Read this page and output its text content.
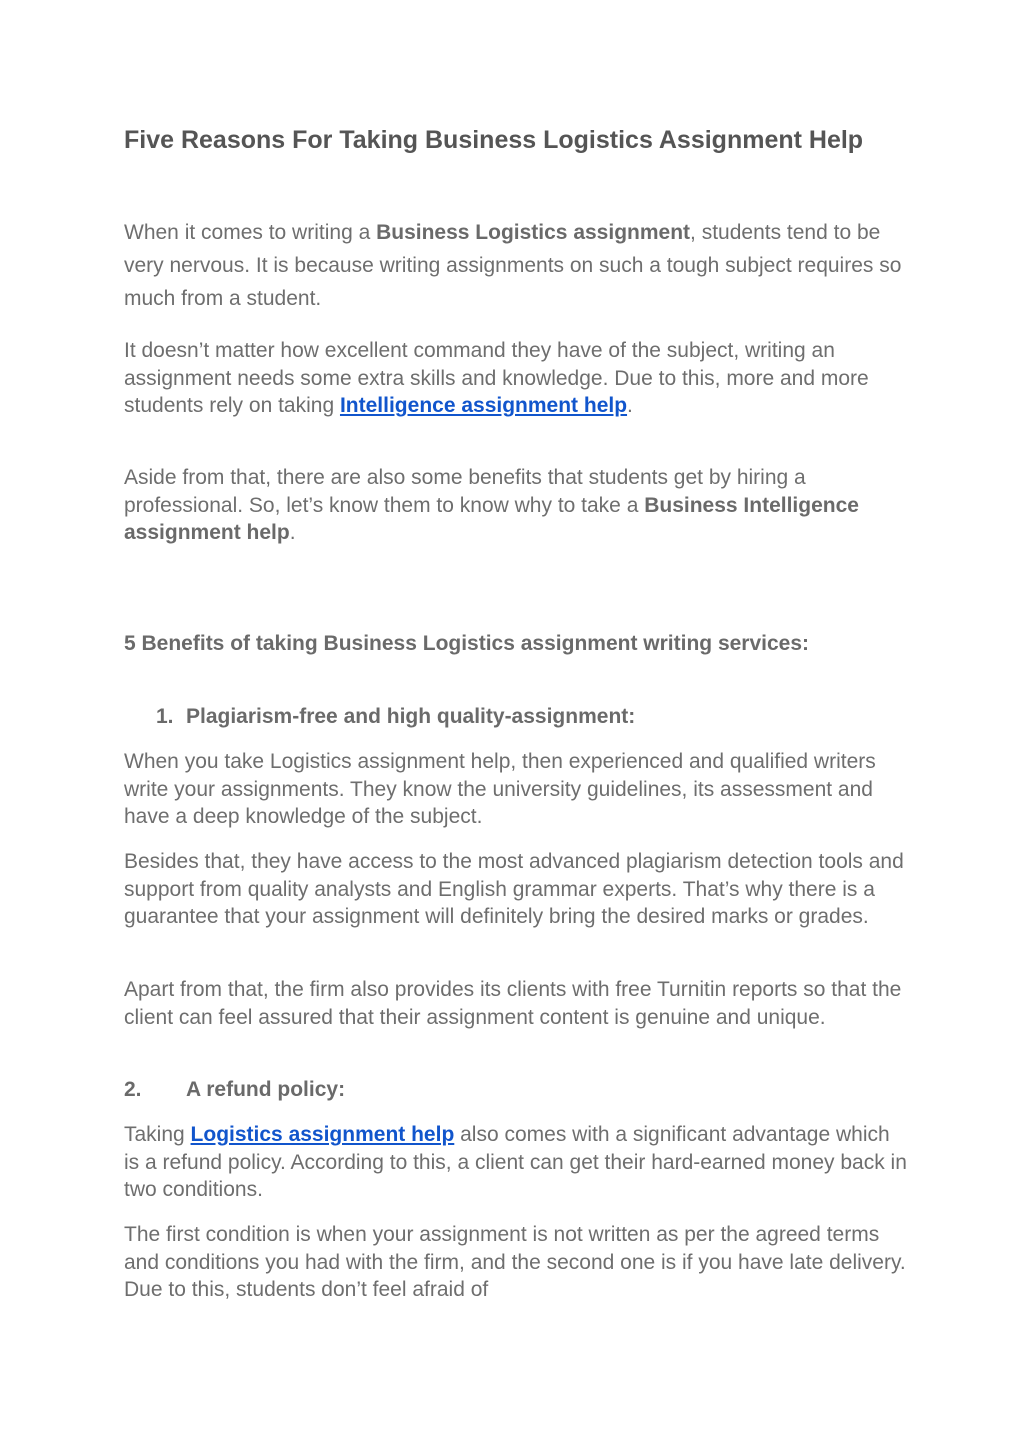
Five Reasons For Taking Business Logistics Assignment Help

When it comes to writing a Business Logistics assignment, students tend to be very nervous. It is because writing assignments on such a tough subject requires so much from a student.

It doesn’t matter how excellent command they have of the subject, writing an assignment needs some extra skills and knowledge. Due to this, more and more students rely on taking Intelligence assignment help.

Aside from that, there are also some benefits that students get by hiring a professional. So, let’s know them to know why to take a Business Intelligence assignment help.

5 Benefits of taking Business Logistics assignment writing services:
1. Plagiarism-free and high quality-assignment:

When you take Logistics assignment help, then experienced and qualified writers write your assignments. They know the university guidelines, its assessment and have a deep knowledge of the subject.

Besides that, they have access to the most advanced plagiarism detection tools and support from quality analysts and English grammar experts. That’s why there is a guarantee that your assignment will definitely bring the desired marks or grades.

Apart from that, the firm also provides its clients with free Turnitin reports so that the client can feel assured that their assignment content is genuine and unique.

2. A refund policy:

Taking Logistics assignment help also comes with a significant advantage which is a refund policy. According to this, a client can get their hard-earned money back in two conditions.

The first condition is when your assignment is not written as per the agreed terms and conditions you had with the firm, and the second one is if you have late delivery. Due to this, students don’t feel afraid of
